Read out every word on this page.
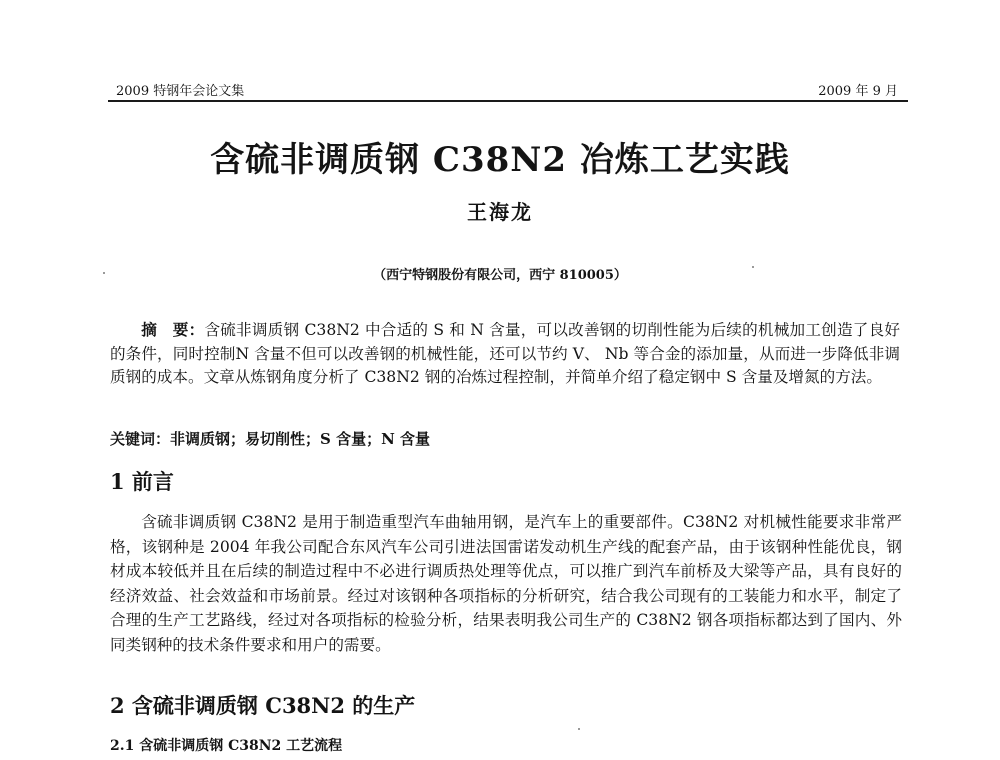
2009 特钢年会论文集	2009 年 9 月
含硫非调质钢 C38N2 冶炼工艺实践
王海龙
（西宁特钢股份有限公司，西宁 810005）

摘　要：含硫非调质钢 C38N2 中合适的 S 和 N 含量，可以改善钢的切削性能为后续的机械加工创造了良好的条件，同时控制N 含量不但可以改善钢的机械性能，还可以节约 V、 Nb 等合金的添加量，从而进一步降低非调质钢的成本。文章从炼钢角度分析了 C38N2 钢的冶炼过程控制，并简单介绍了稳定钢中 S 含量及增氮的方法。

关键词：非调质钢；易切削性；S 含量；N 含量

1 前言

含硫非调质钢 C38N2 是用于制造重型汽车曲轴用钢，是汽车上的重要部件。C38N2 对机械性能要求非常严格，该钢种是 2004 年我公司配合东风汽车公司引进法国雷诺发动机生产线的配套产品，由于该钢种性能优良，钢材成本较低并且在后续的制造过程中不必进行调质热处理等优点，可以推广到汽车前桥及大梁等产品，具有良好的经济效益、社会效益和市场前景。经过对该钢种各项指标的分析研究，结合我公司现有的工装能力和水平，制定了合理的生产工艺路线，经过对各项指标的检验分析，结果表明我公司生产的 C38N2 钢各项指标都达到了国内、外同类钢种的技术条件要求和用户的需要。

2 含硫非调质钢 C38N2 的生产
2.1 含硫非调质钢 C38N2 工艺流程
